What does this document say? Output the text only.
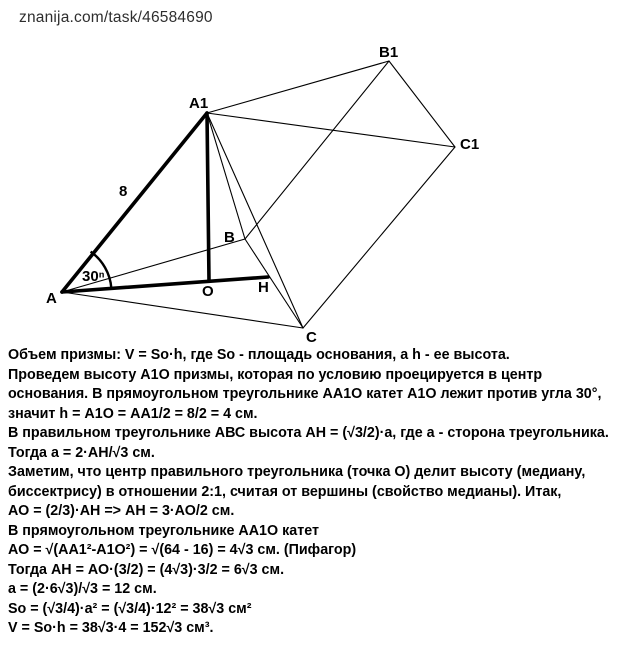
znanija.com/task/46584690
A
B
C
A1
B1
C1
O	H
8
30ⁿ
Объем призмы: V = So·h, где So - площадь основания, а h - ее высота.
Проведем высоту А1О призмы, которая по условию проецируется в центр
основания. В прямоугольном треугольнике АА1О катет А1О лежит против угла 30°,
значит h = А1О = АА1/2 = 8/2 = 4 см.
В правильном треугольнике АВС высота АН = (√3/2)·а, где а - сторона треугольника.
Тогда а = 2·АН/√3 см.
Заметим, что центр правильного треугольника (точка О) делит высоту (медиану,
биссектрису) в отношении 2:1, считая от вершины (свойство медианы). Итак,
АО = (2/3)·АН => АН = 3·АО/2 см.
В прямоугольном треугольнике АА1О катет
АО = √(АА1²-А1О²) = √(64 - 16) = 4√3 см. (Пифагор)
Тогда АН = АО·(3/2) = (4√3)·3/2 = 6√3 см.
а = (2·6√3)/√3 = 12 см.
So = (√3/4)·а² = (√3/4)·12² = 38√3 см²
V = So·h = 38√3·4 = 152√3 см³.
